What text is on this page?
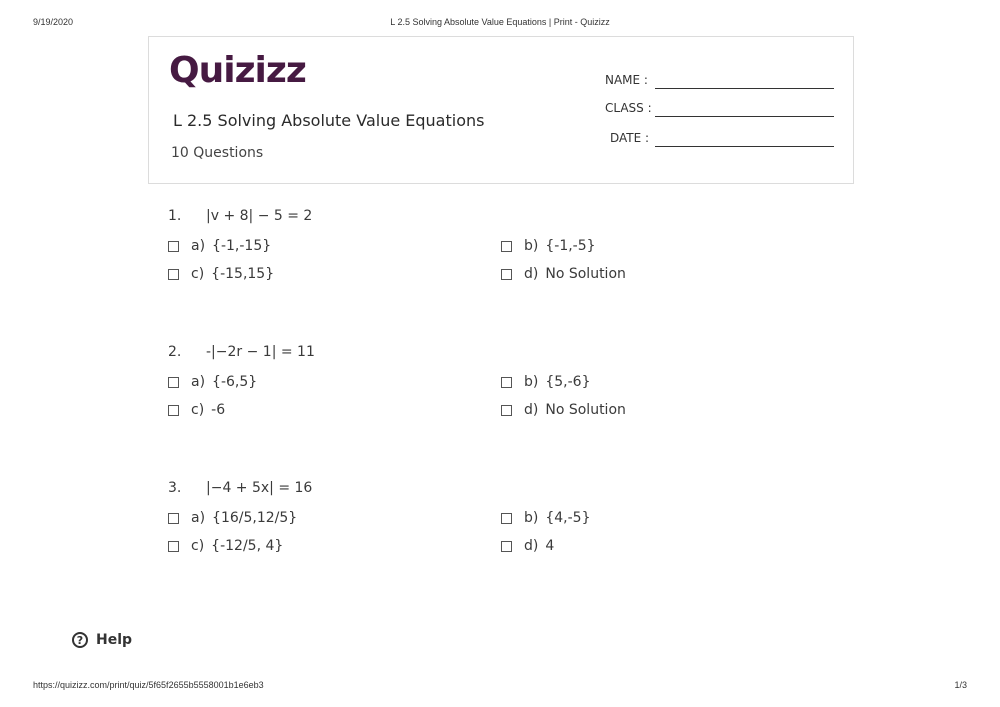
9/19/2020	L 2.5 Solving Absolute Value Equations | Print - Quizizz
Quizizz
L 2.5 Solving Absolute Value Equations
10 Questions
NAME :
CLASS :
DATE :
1. |v + 8| − 5 = 2
a) {-1,-15}	b) {-1,-5}
c) {-15,15}	d) No Solution
2. -|−2r − 1| = 11
a) {-6,5}	b) {5,-6}
c) -6	d) No Solution
3. |−4 + 5x| = 16
a) {16/5,12/5}	b) {4,-5}
c) {-12/5, 4}	d) 4
? Help
https://quizizz.com/print/quiz/5f65f2655b5558001b1e6eb3	1/3
